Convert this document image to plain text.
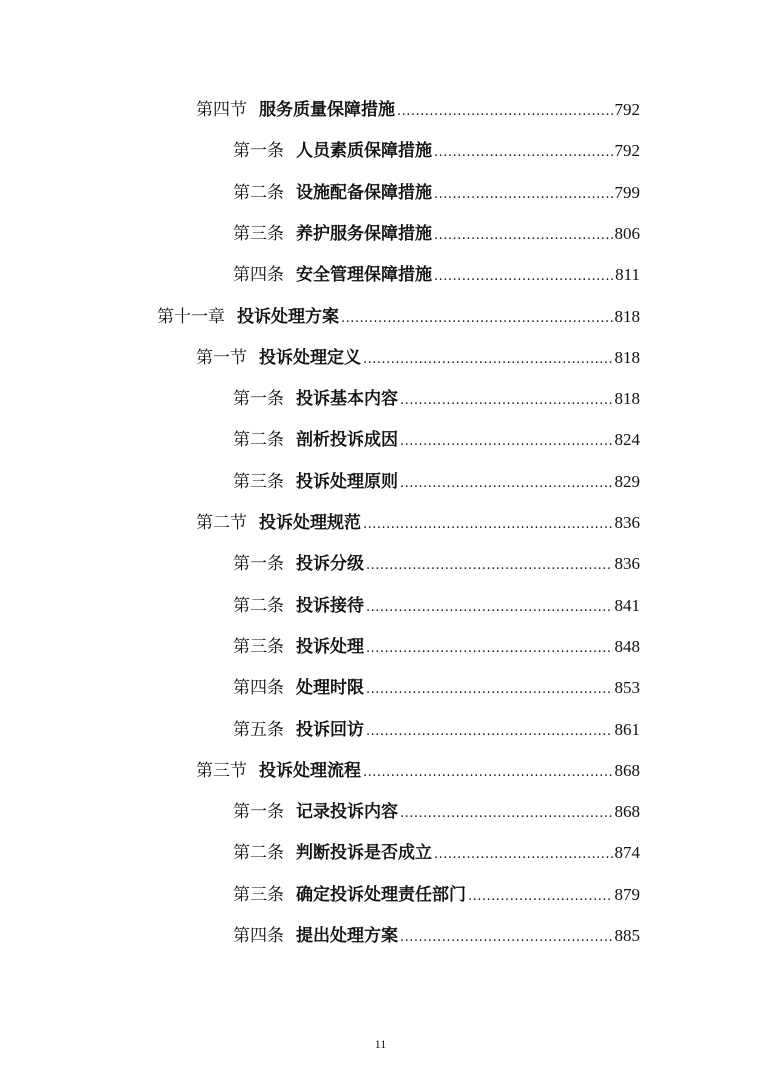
第四节 服务质量保障措施 .....	792
第一条 人员素质保障措施 .....	792
第二条 设施配备保障措施 .....	799
第三条 养护服务保障措施 .....	806
第四条 安全管理保障措施 .....	811
第十一章 投诉处理方案 .....	818
第一节 投诉处理定义 .....	818
第一条 投诉基本内容 .....	818
第二条 剖析投诉成因 .....	824
第三条 投诉处理原则 .....	829
第二节 投诉处理规范 .....	836
第一条 投诉分级 .....	836
第二条 投诉接待 .....	841
第三条 投诉处理 .....	848
第四条 处理时限 .....	853
第五条 投诉回访 .....	861
第三节 投诉处理流程 .....	868
第一条 记录投诉内容 .....	868
第二条 判断投诉是否成立 .....	874
第三条 确定投诉处理责任部门 .....	879
第四条 提出处理方案 .....	885
11
